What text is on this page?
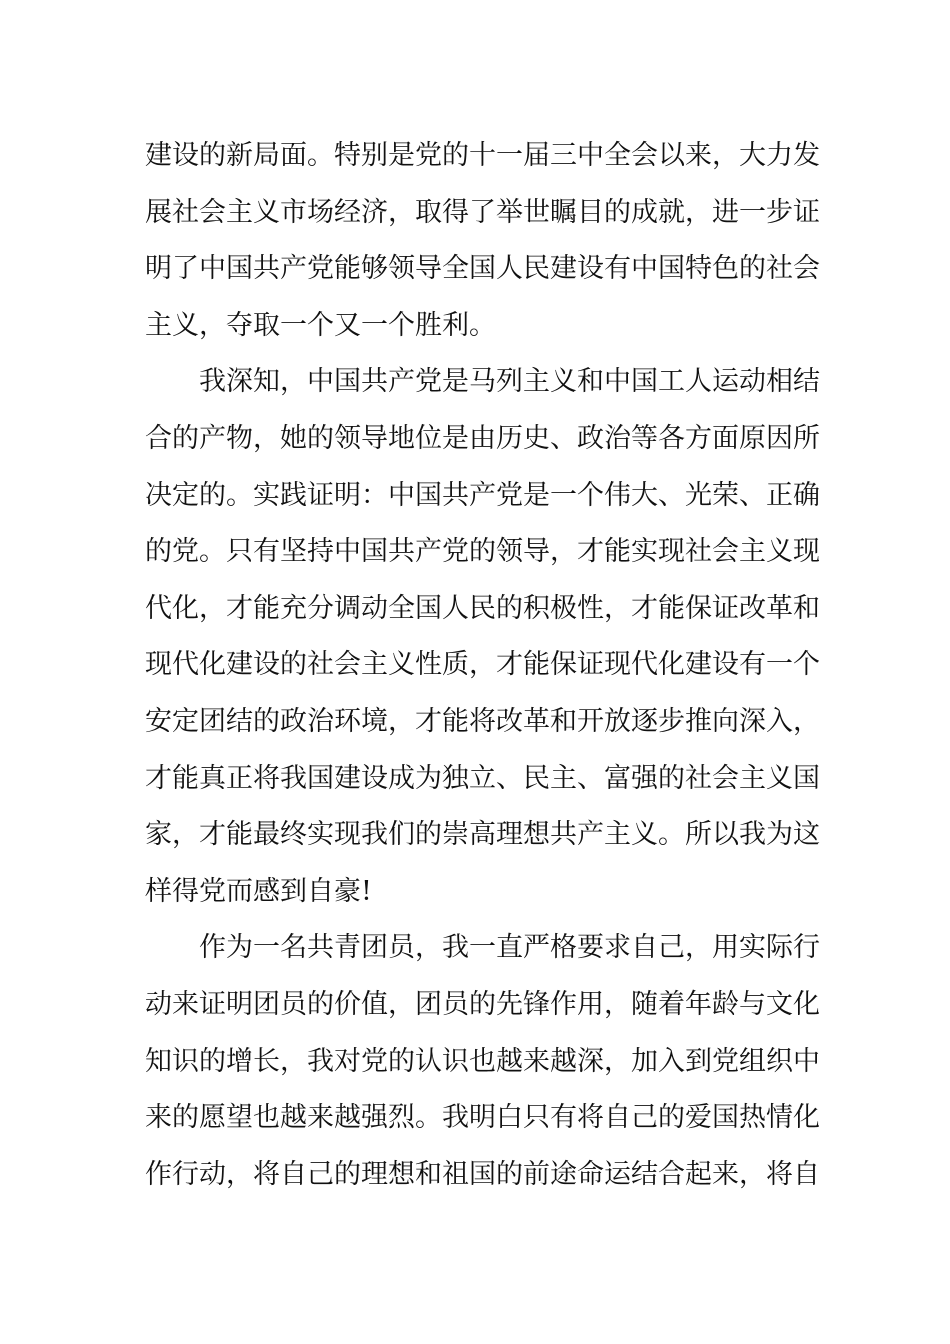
建设的新局面。特别是党的十一届三中全会以来，大力发
展社会主义市场经济，取得了举世瞩目的成就，进一步证
明了中国共产党能够领导全国人民建设有中国特色的社会
主义，夺取一个又一个胜利。
我深知，中国共产党是马列主义和中国工人运动相结
合的产物，她的领导地位是由历史、政治等各方面原因所
决定的。实践证明：中国共产党是一个伟大、光荣、正确
的党。只有坚持中国共产党的领导，才能实现社会主义现
代化，才能充分调动全国人民的积极性，才能保证改革和
现代化建设的社会主义性质，才能保证现代化建设有一个
安定团结的政治环境，才能将改革和开放逐步推向深入，
才能真正将我国建设成为独立、民主、富强的社会主义国
家，才能最终实现我们的崇高理想共产主义。所以我为这
样得党而感到自豪!
作为一名共青团员，我一直严格要求自己，用实际行
动来证明团员的价值，团员的先锋作用，随着年龄与文化
知识的增长，我对党的认识也越来越深，加入到党组织中
来的愿望也越来越强烈。我明白只有将自己的爱国热情化
作行动，将自己的理想和祖国的前途命运结合起来，将自
